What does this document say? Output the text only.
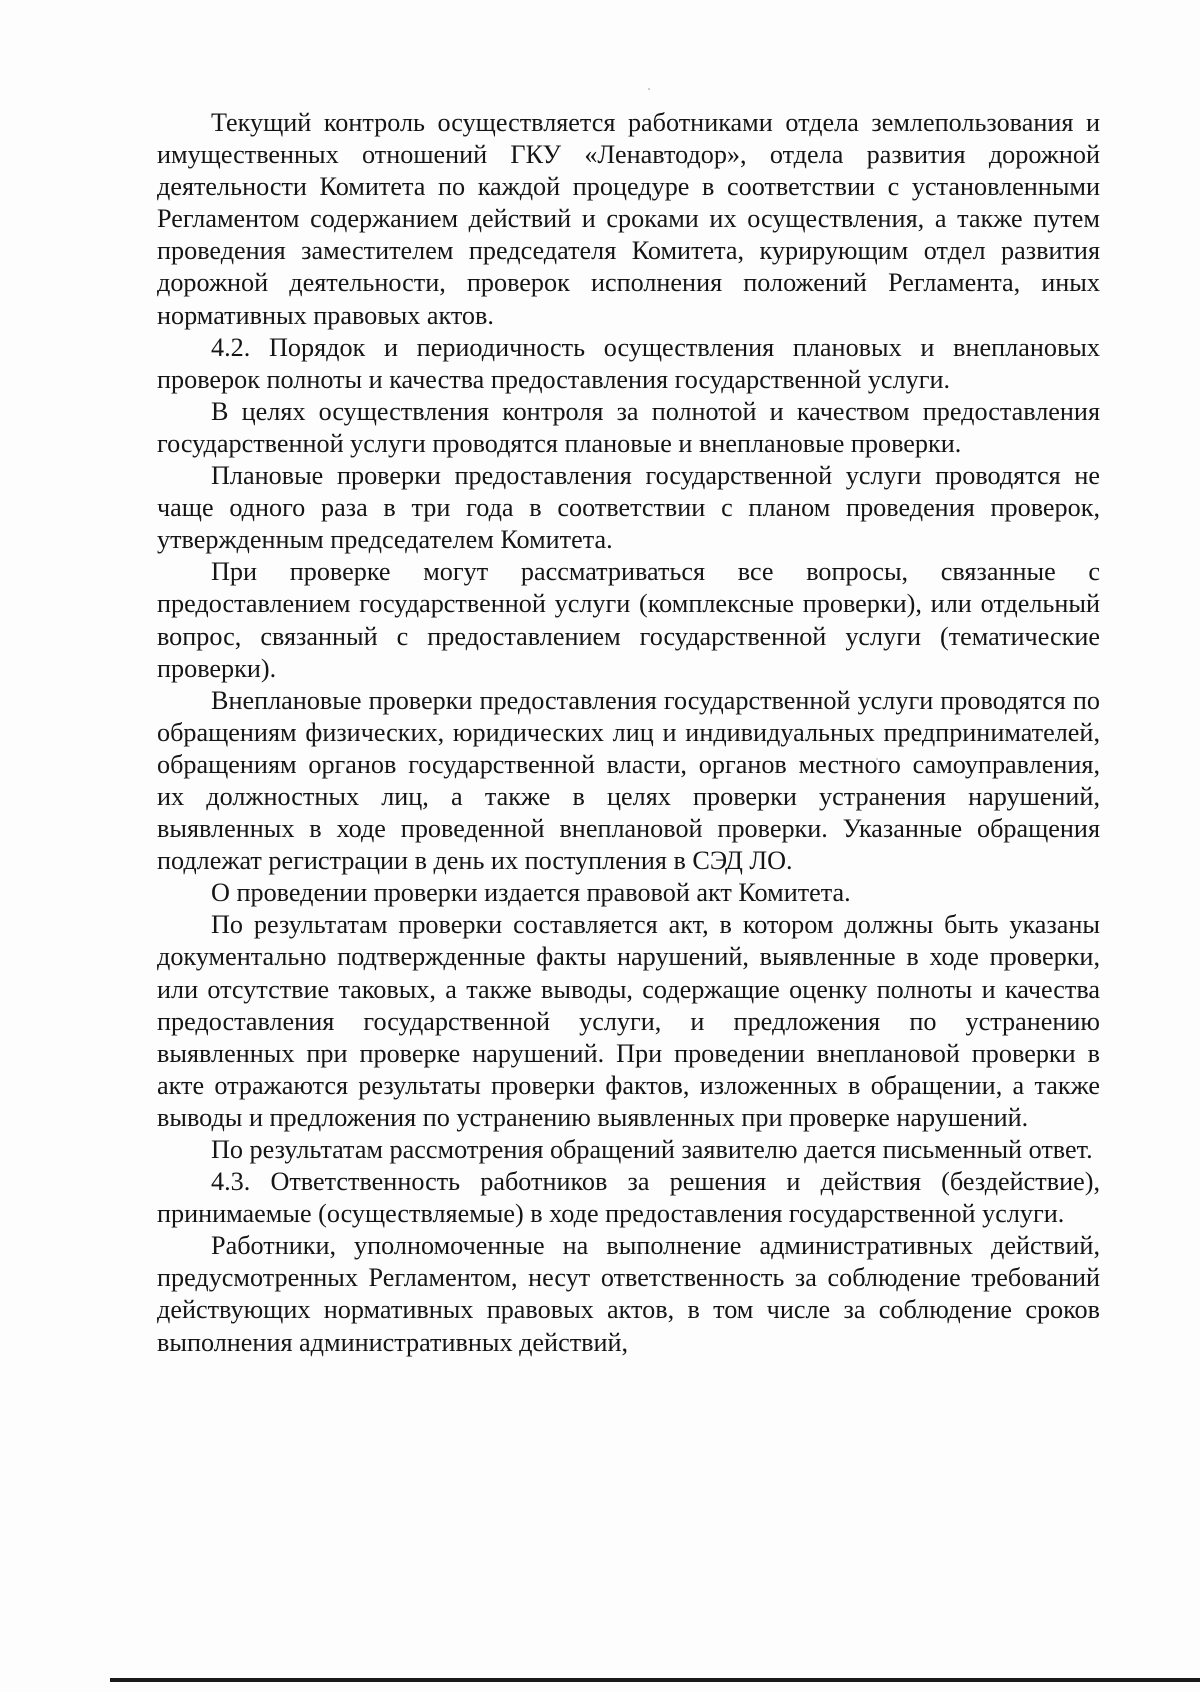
Текущий контроль осуществляется работниками отдела землепользования и имущественных отношений ГКУ «Ленавтодор», отдела развития дорожной деятельности Комитета по каждой процедуре в соответствии с установленными Регламентом содержанием действий и сроками их осуществления, а также путем проведения заместителем председателя Комитета, курирующим отдел развития дорожной деятельности, проверок исполнения положений Регламента, иных нормативных правовых актов.

4.2. Порядок и периодичность осуществления плановых и внеплановых проверок полноты и качества предоставления государственной услуги.

В целях осуществления контроля за полнотой и качеством предоставления государственной услуги проводятся плановые и внеплановые проверки.

Плановые проверки предоставления государственной услуги проводятся не чаще одного раза в три года в соответствии с планом проведения проверок, утвержденным председателем Комитета.

При проверке могут рассматриваться все вопросы, связанные с предоставлением государственной услуги (комплексные проверки), или отдельный вопрос, связанный с предоставлением государственной услуги (тематические проверки).

Внеплановые проверки предоставления государственной услуги проводятся по обращениям физических, юридических лиц и индивидуальных предпринимателей, обращениям органов государственной власти, органов местного самоуправления, их должностных лиц, а также в целях проверки устранения нарушений, выявленных в ходе проведенной внеплановой проверки. Указанные обращения подлежат регистрации в день их поступления в СЭД ЛО.

О проведении проверки издается правовой акт Комитета.

По результатам проверки составляется акт, в котором должны быть указаны документально подтвержденные факты нарушений, выявленные в ходе проверки, или отсутствие таковых, а также выводы, содержащие оценку полноты и качества предоставления государственной услуги, и предложения по устранению выявленных при проверке нарушений. При проведении внеплановой проверки в акте отражаются результаты проверки фактов, изложенных в обращении, а также выводы и предложения по устранению выявленных при проверке нарушений.

По результатам рассмотрения обращений заявителю дается письменный ответ.

4.3. Ответственность работников за решения и действия (бездействие), принимаемые (осуществляемые) в ходе предоставления государственной услуги.

Работники, уполномоченные на выполнение административных действий, предусмотренных Регламентом, несут ответственность за соблюдение требований действующих нормативных правовых актов, в том числе за соблюдение сроков выполнения административных действий,
